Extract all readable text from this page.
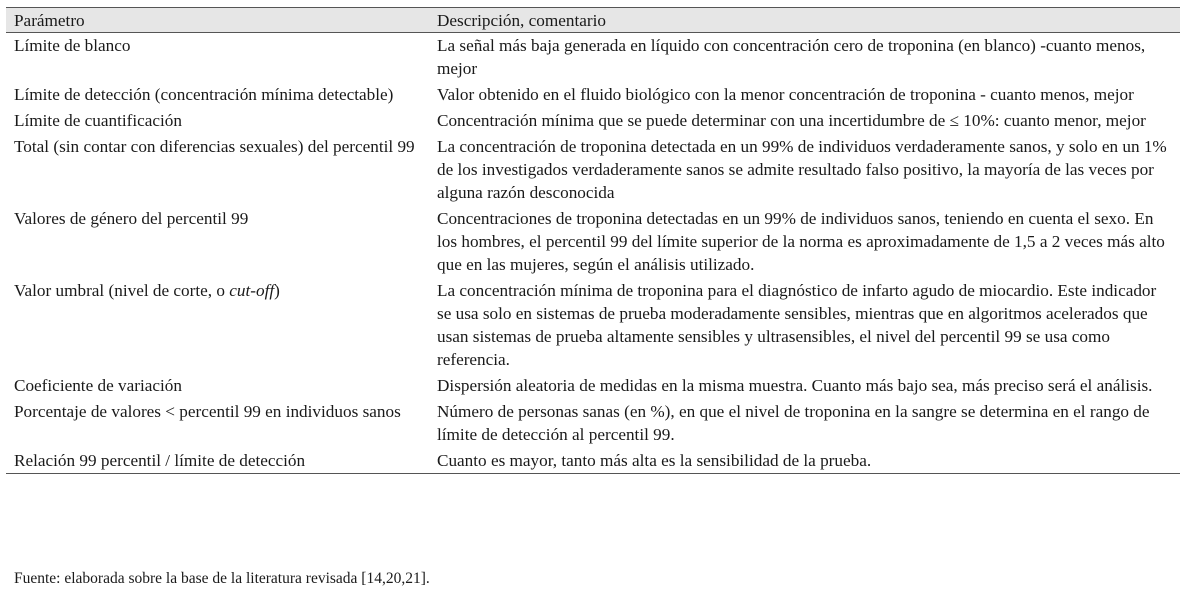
Parámetro	Descripción, comentario
Límite de blanco	La señal más baja generada en líquido con concentración cero de troponina (en blanco) -cuanto menos, mejor
Límite de detección (concentración mínima detectable)	Valor obtenido en el fluido biológico con la menor concentración de troponina - cuanto menos, mejor
Límite de cuantificación	Concentración mínima que se puede determinar con una incertidumbre de ≤ 10%: cuanto menor, mejor
Total (sin contar con diferencias sexuales) del percentil 99	La concentración de troponina detectada en un 99% de individuos verdaderamente sanos, y solo en un 1% de los investigados verdaderamente sanos se admite resultado falso positivo, la mayoría de las veces por alguna razón desconocida
Valores de género del percentil 99	Concentraciones de troponina detectadas en un 99% de individuos sanos, teniendo en cuenta el sexo. En los hombres, el percentil 99 del límite superior de la norma es aproximadamente de 1,5 a 2 veces más alto que en las mujeres, según el análisis utilizado.
Valor umbral (nivel de corte, o cut-off)	La concentración mínima de troponina para el diagnóstico de infarto agudo de miocardio. Este indicador se usa solo en sistemas de prueba moderadamente sensibles, mientras que en algoritmos acelerados que usan sistemas de prueba altamente sensibles y ultrasensibles, el nivel del percentil 99 se usa como referencia.
Coeficiente de variación	Dispersión aleatoria de medidas en la misma muestra. Cuanto más bajo sea, más preciso será el análisis.
Porcentaje de valores < percentil 99 en individuos sanos	Número de personas sanas (en %), en que el nivel de troponina en la sangre se determina en el rango de límite de detección al percentil 99.
Relación 99 percentil / límite de detección	Cuanto es mayor, tanto más alta es la sensibilidad de la prueba.
Fuente: elaborada sobre la base de la literatura revisada [14,20,21].
